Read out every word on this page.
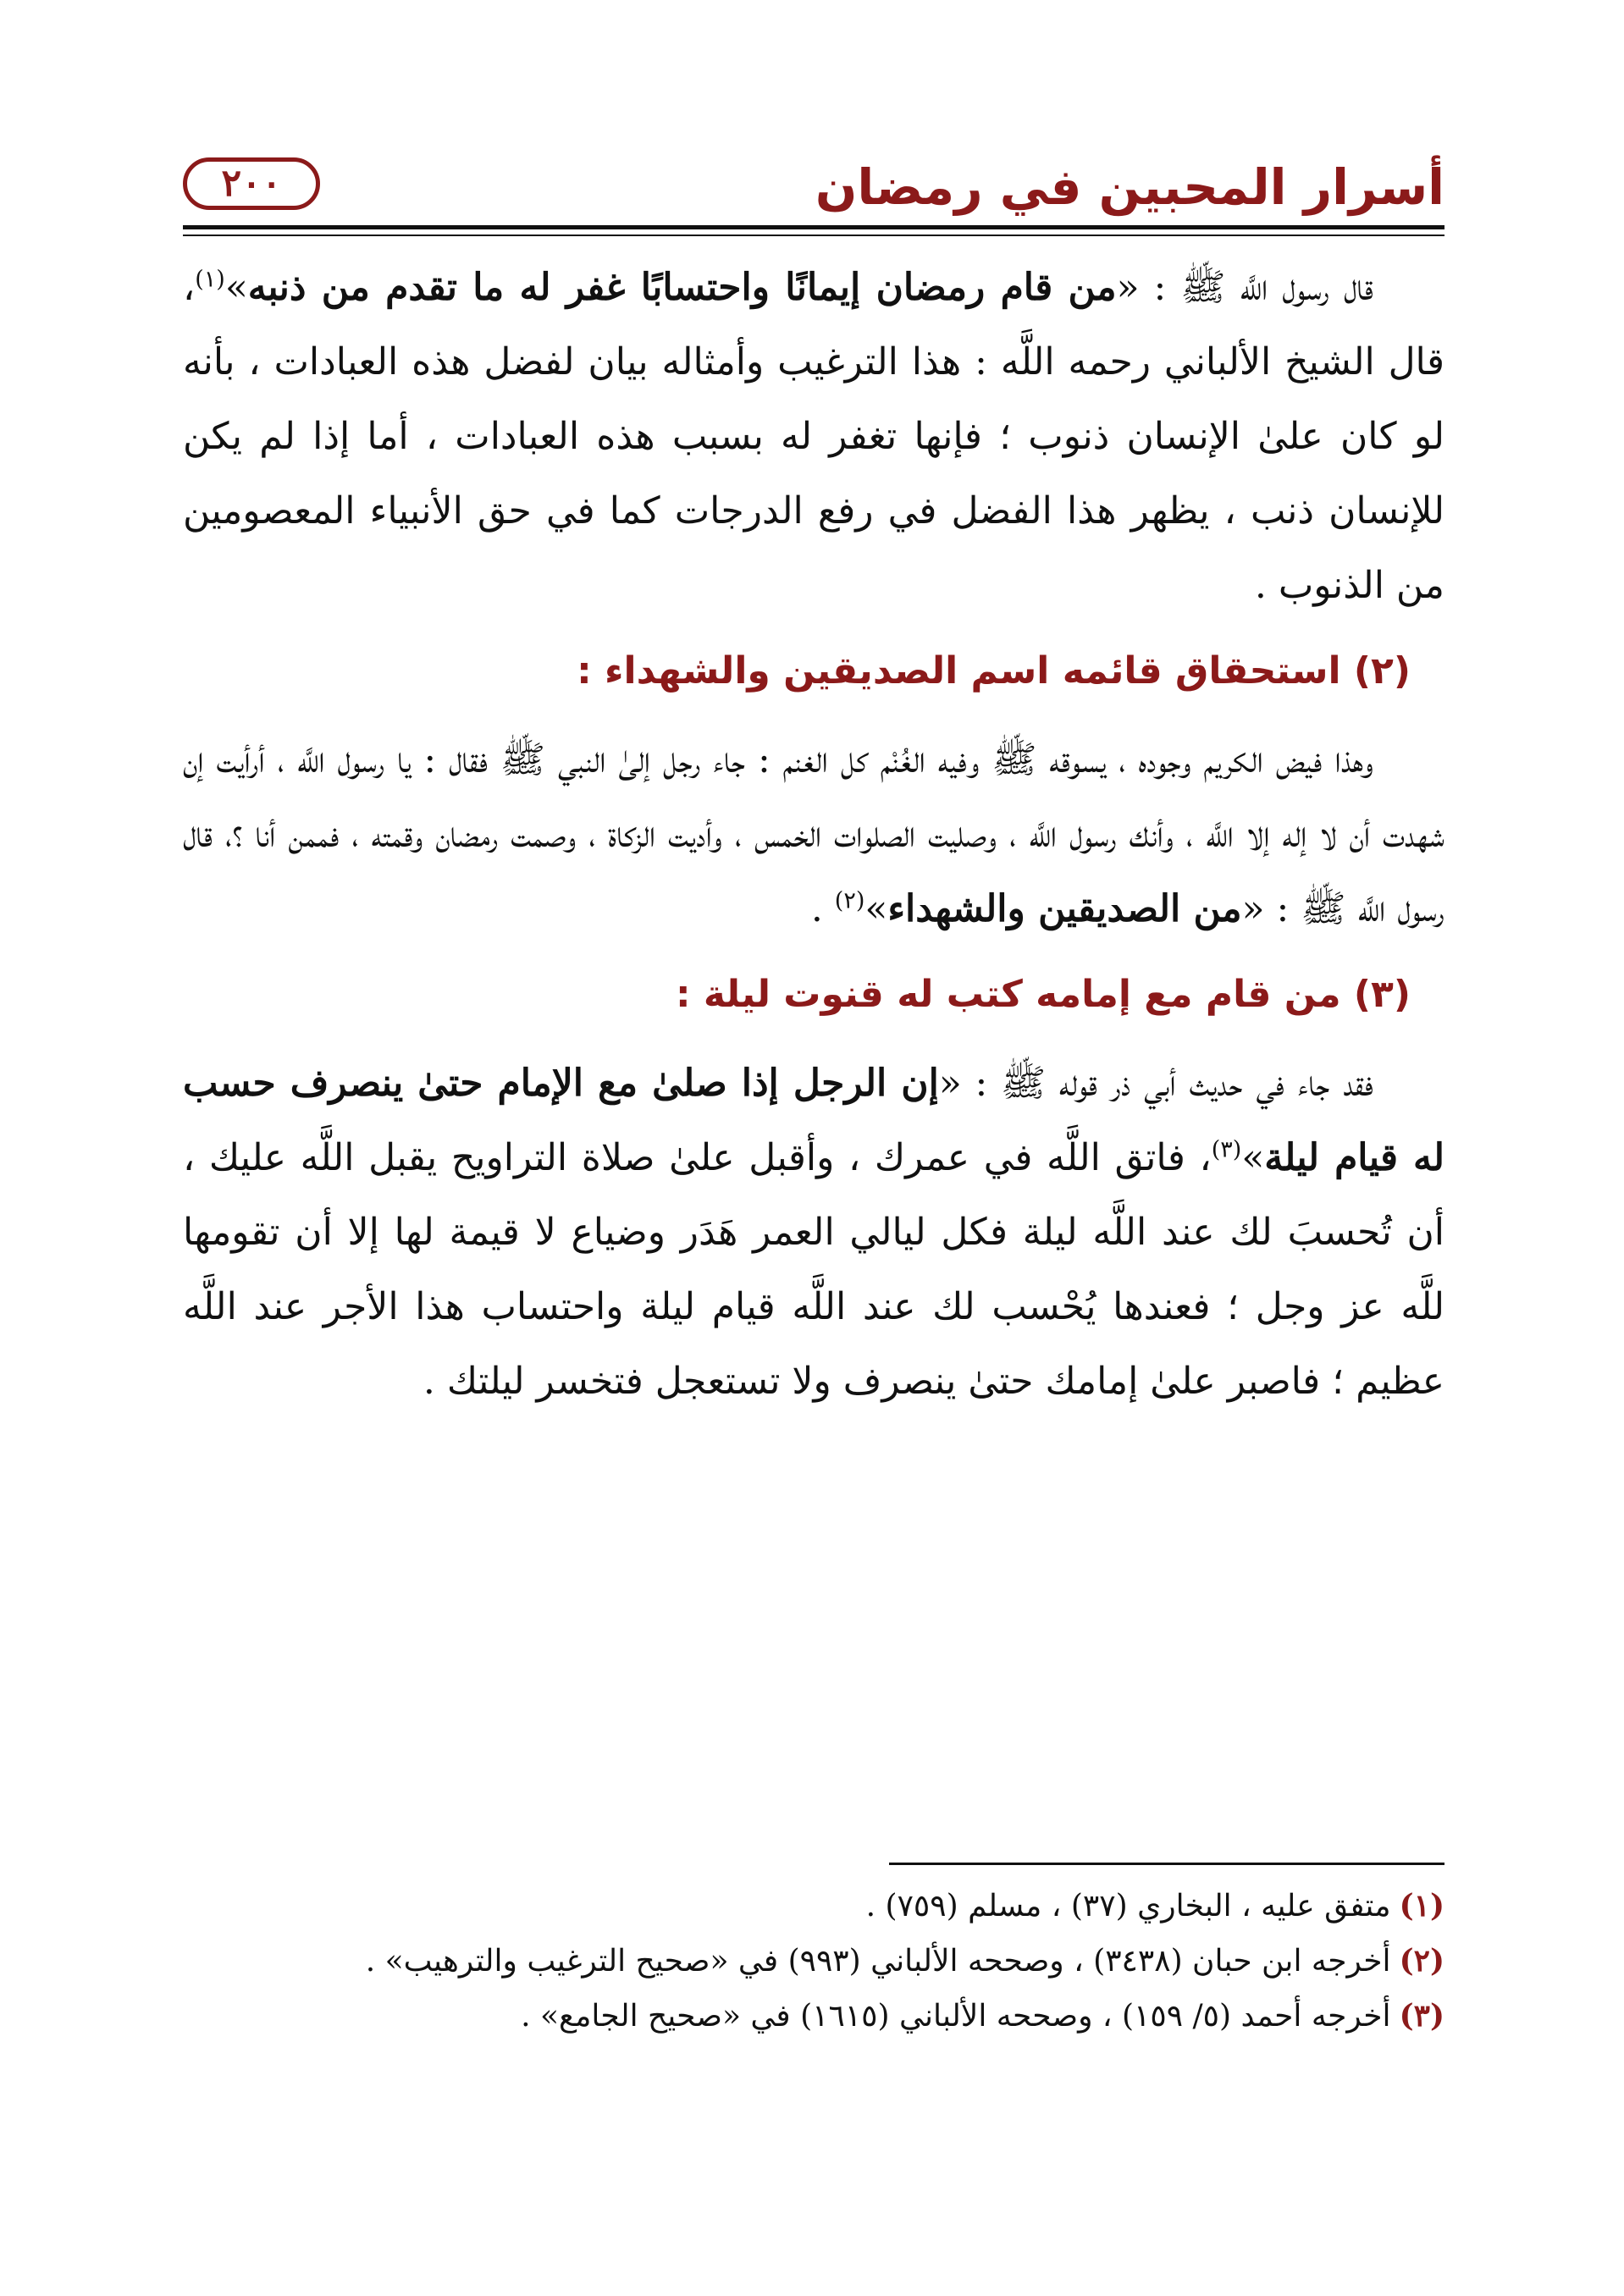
أسرار المحبين في رمضان
٢٠٠

قال رسول اللَّه ﷺ : «من قام رمضان إيمانًا واحتسابًا غفر له ما تقدم من ذنبه»$^{(١)}$، قال الشيخ الألباني رحمه اللَّه : هذا الترغيب وأمثاله بيان لفضل هذه العبادات ، بأنه لو كان علىٰ الإنسان ذنوب ؛ فإنها تغفر له بسبب هذه العبادات ، أما إذا لم يكن للإنسان ذنب ، يظهر هذا الفضل في رفع الدرجات كما في حق الأنبياء المعصومين من الذنوب .

(٢) استحقاق قائمه اسم الصديقين والشهداء :

وهذا فيض الكريم وجوده ، يسوقه ﷺ وفيه الغُنْم كل الغنم : جاء رجل إلىٰ النبي ﷺ فقال : يا رسول اللَّه ، أرأيت إن شهدت أن لا إله إلا اللَّه ، وأنك رسول اللَّه ، وصليت الصلوات الخمس ، وأديت الزكاة ، وصمت رمضان وقمته ، فممن أنا ؟، قال رسول اللَّه ﷺ : «من الصديقين والشهداء»$^{(٢)}$ .

(٣) من قام مع إمامه كتب له قنوت ليلة :

فقد جاء في حديث أبي ذر قوله ﷺ : «إن الرجل إذا صلىٰ مع الإمام حتىٰ ينصرف حسب له قيام ليلة»$^{(٣)}$، فاتق اللَّه في عمرك ، وأقبل علىٰ صلاة التراويح يقبل اللَّه عليك ، أن تُحسبَ لك عند اللَّه ليلة فكل ليالي العمر هَدَر وضياع لا قيمة لها إلا أن تقومها للَّه عز وجل ؛ فعندها يُحْسب لك عند اللَّه قيام ليلة واحتساب هذا الأجر عند اللَّه عظيم ؛ فاصبر علىٰ إمامك حتىٰ ينصرف ولا تستعجل فتخسر ليلتك .

(١)متفق عليه ، البخاري (٣٧) ، مسلم (٧٥٩) .
(٢)أخرجه ابن حبان (٣٤٣٨) ، وصححه الألباني (٩٩٣) في «صحيح الترغيب والترهيب» .
(٣)أخرجه أحمد (٥/ ١٥٩) ، وصححه الألباني (١٦١٥) في «صحيح الجامع» .
